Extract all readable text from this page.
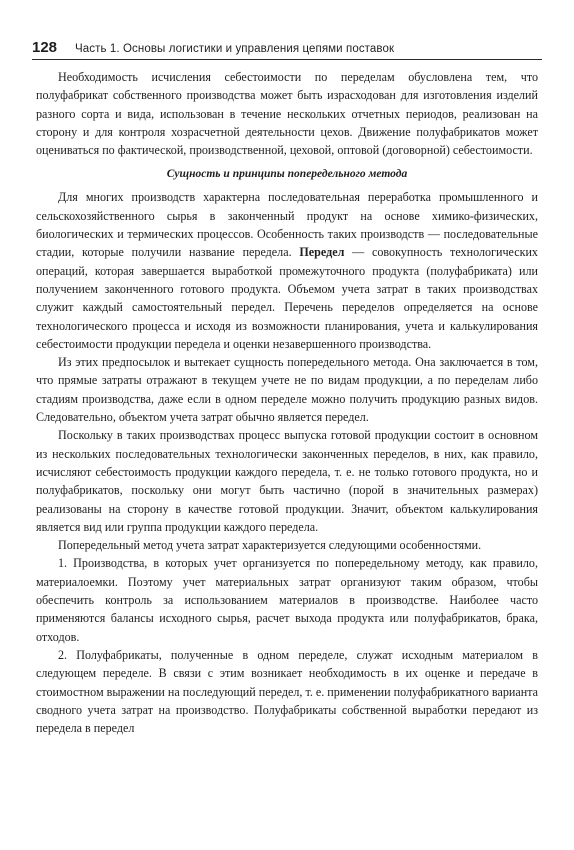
128 Часть 1. Основы логистики и управления цепями поставок

Необходимость исчисления себестоимости по переделам обусловлена тем, что полуфабрикат собственного производства может быть израсходован для изготовления изделий разного сорта и вида, использован в течение нескольких отчетных периодов, реализован на сторону и для контроля хозрасчетной деятельности цехов. Движение полуфабрикатов может оцениваться по фактической, производственной, цеховой, оптовой (договорной) себестоимости.

Сущность и принципы попередельного метода

Для многих производств характерна последовательная переработка промышленного и сельскохозяйственного сырья в законченный продукт на основе химико-физических, биологических и термических процессов. Особенность таких производств — последовательные стадии, которые получили название передела. Передел — совокупность технологических операций, которая завершается выработкой промежуточного продукта (полуфабриката) или получением законченного готового продукта. Объемом учета затрат в таких производствах служит каждый самостоятельный передел. Перечень переделов определяется на основе технологического процесса и исходя из возможности планирования, учета и калькулирования себестоимости продукции передела и оценки незавершенного производства.

Из этих предпосылок и вытекает сущность попередельного метода. Она заключается в том, что прямые затраты отражают в текущем учете не по видам продукции, а по переделам либо стадиям производства, даже если в одном переделе можно получить продукцию разных видов. Следовательно, объектом учета затрат обычно является передел.

Поскольку в таких производствах процесс выпуска готовой продукции состоит в основном из нескольких последовательных технологически законченных переделов, в них, как правило, исчисляют себестоимость продукции каждого передела, т. е. не только готового продукта, но и полуфабрикатов, поскольку они могут быть частично (порой в значительных размерах) реализованы на сторону в качестве готовой продукции. Значит, объектом калькулирования является вид или группа продукции каждого передела.

Попередельный метод учета затрат характеризуется следующими особенностями.

1. Производства, в которых учет организуется по попередельному методу, как правило, материалоемки. Поэтому учет материальных затрат организуют таким образом, чтобы обеспечить контроль за использованием материалов в производстве. Наиболее часто применяются балансы исходного сырья, расчет выхода продукта или полуфабрикатов, брака, отходов.

2. Полуфабрикаты, полученные в одном переделе, служат исходным материалом в следующем переделе. В связи с этим возникает необходимость в их оценке и передаче в стоимостном выражении на последующий передел, т. е. применении полуфабрикатного варианта сводного учета затрат на производство. Полуфабрикаты собственной выработки передают из передела в передел
